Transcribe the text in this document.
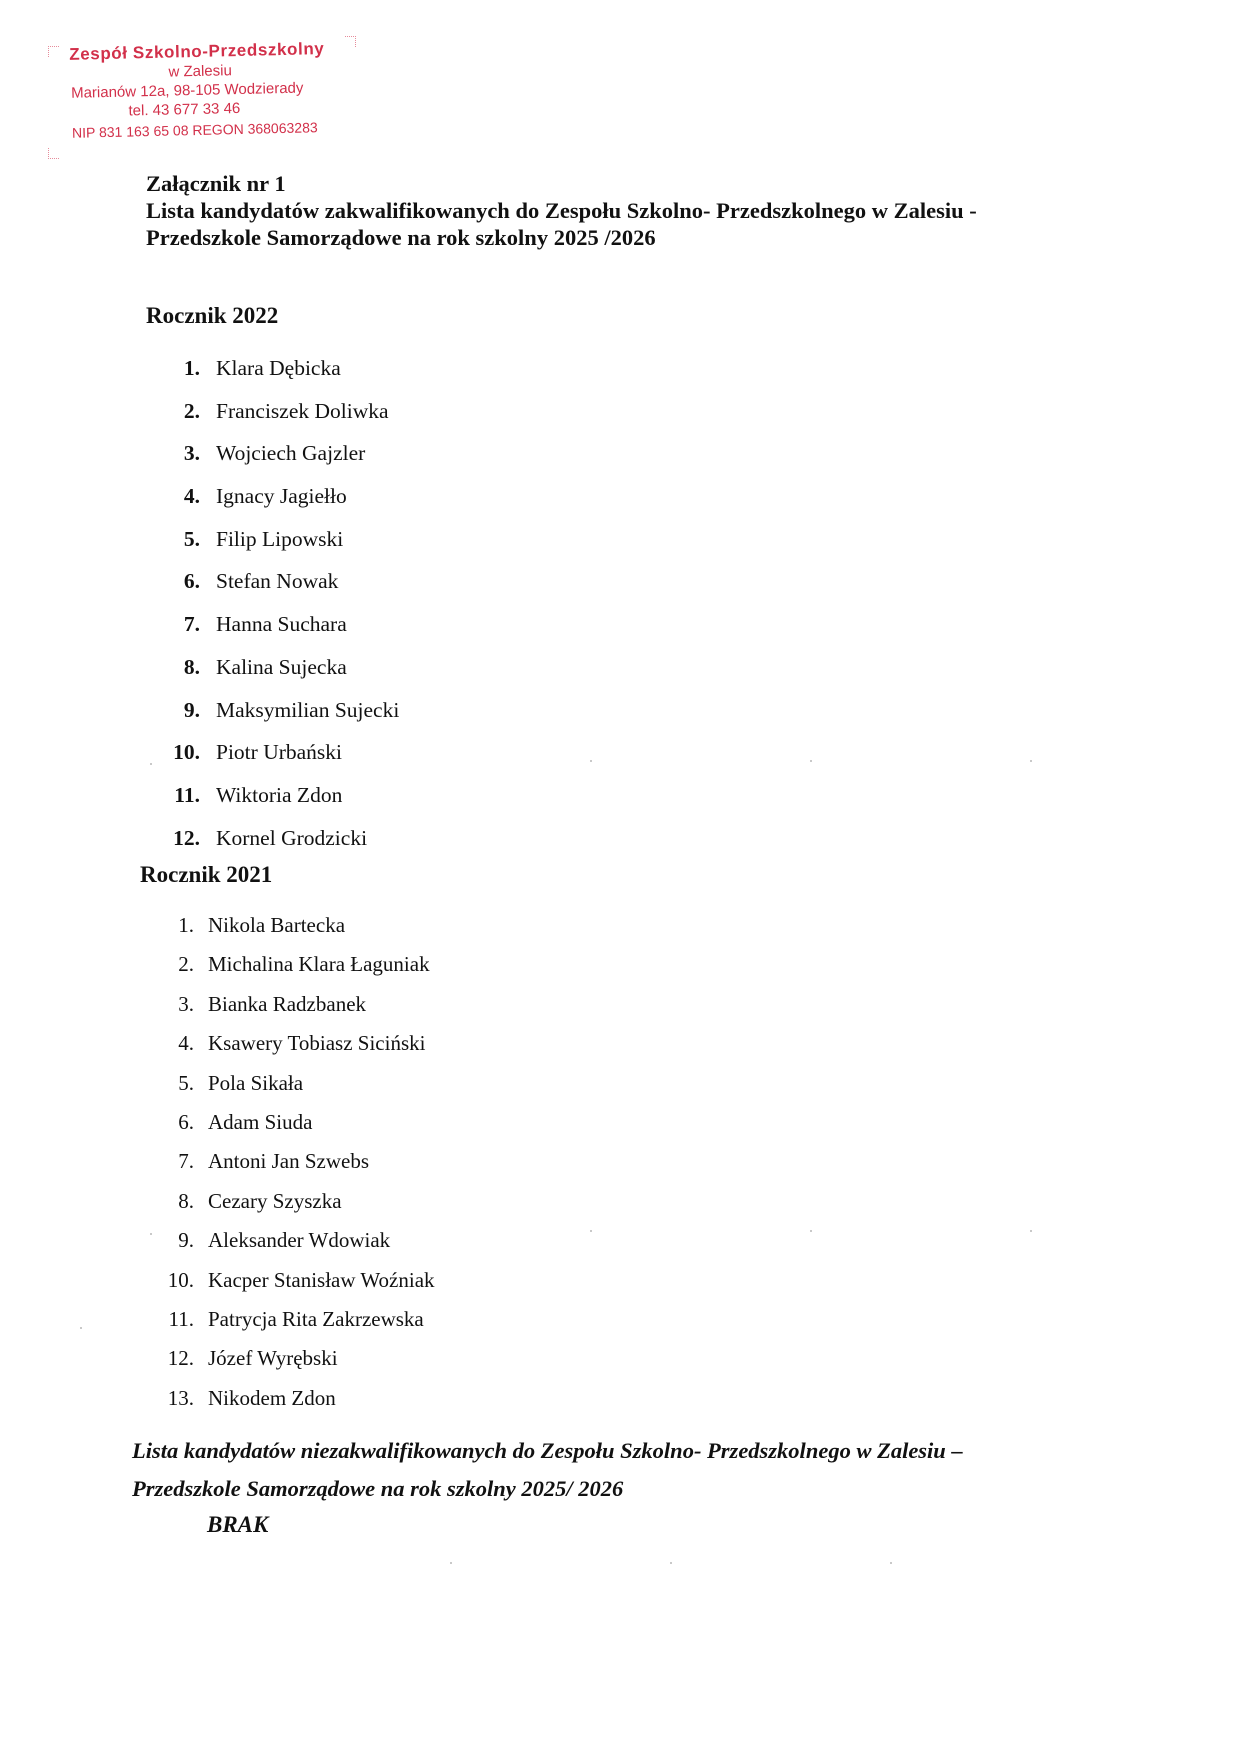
Zespół Szkolno-Przedszkolny
w Zalesiu
Marianów 12a, 98-105 Wodzierady
tel. 43 677 33 46
NIP 831 163 65 08 REGON 368063283
Załącznik nr 1
Lista kandydatów zakwalifikowanych do Zespołu Szkolno- Przedszkolnego w Zalesiu -
Przedszkole Samorządowe na rok szkolny 2025 /2026
Rocznik 2022
1. Klara Dębicka
2. Franciszek Doliwka
3. Wojciech Gajzler
4. Ignacy Jagiełło
5. Filip Lipowski
6. Stefan Nowak
7. Hanna Suchara
8. Kalina Sujecka
9. Maksymilian Sujecki
10. Piotr Urbański
11. Wiktoria Zdon
12. Kornel Grodzicki
Rocznik 2021
1. Nikola Bartecka
2. Michalina Klara Łaguniak
3. Bianka Radzbanek
4. Ksawery Tobiasz Siciński
5. Pola Sikała
6. Adam Siuda
7. Antoni Jan Szwebs
8. Cezary Szyszka
9. Aleksander Wdowiak
10. Kacper Stanisław Woźniak
11. Patrycja Rita Zakrzewska
12. Józef Wyrębski
13. Nikodem Zdon
Lista kandydatów niezakwalifikowanych do Zespołu Szkolno- Przedszkolnego w Zalesiu –
Przedszkole Samorządowe na rok szkolny 2025/ 2026
BRAK
